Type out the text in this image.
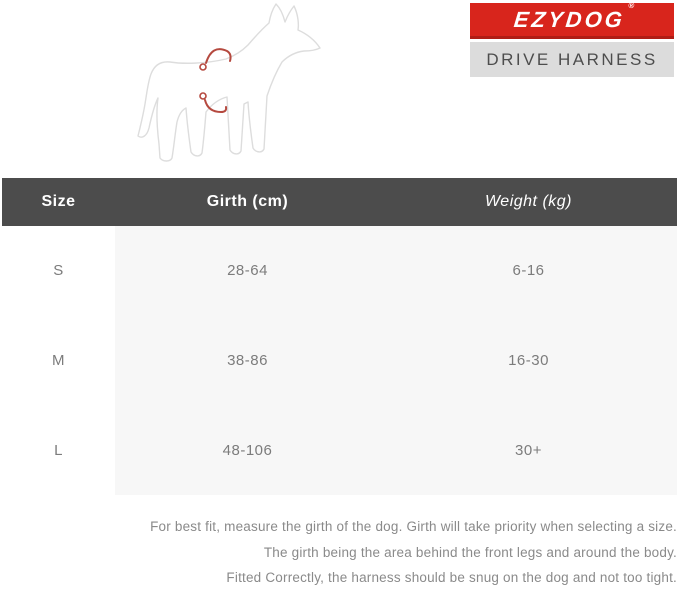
EZYDOG®
DRIVE HARNESS
Size	Girth (cm)	Weight (kg)
S	28-64	6-16
M	38-86	16-30
L	48-106	30+

For best fit, measure the girth of the dog. Girth will take priority when selecting a size.

The girth being the area behind the front legs and around the body.

Fitted Correctly, the harness should be snug on the dog and not too tight.
